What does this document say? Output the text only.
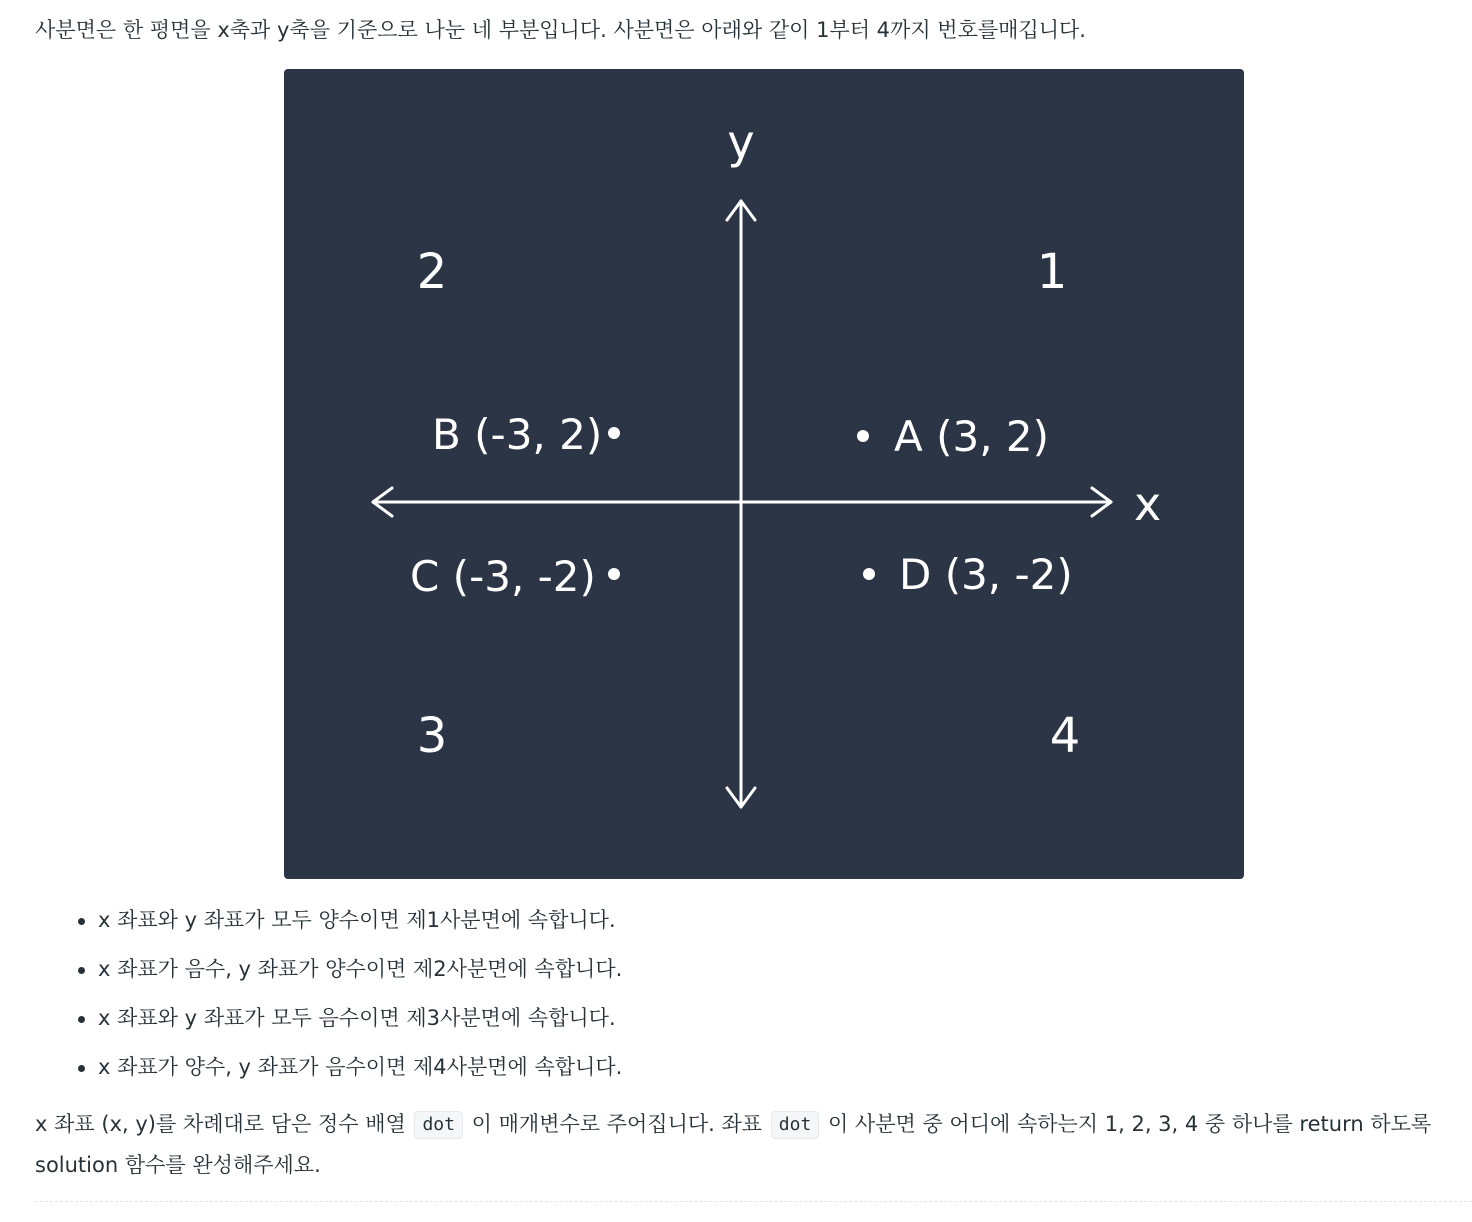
사분면은 한 평면을 x축과 y축을 기준으로 나눈 네 부분입니다. 사분면은 아래와 같이 1부터 4까지 번호를매깁니다.

y
x
2	1
3	4
B (-3, 2)	A (3, 2)
C (-3, -2)	D (3, -2)
x 좌표와 y 좌표가 모두 양수이면 제1사분면에 속합니다.
x 좌표가 음수, y 좌표가 양수이면 제2사분면에 속합니다.
x 좌표와 y 좌표가 모두 음수이면 제3사분면에 속합니다.
x 좌표가 양수, y 좌표가 음수이면 제4사분면에 속합니다.

x 좌표 (x, y)를 차례대로 담은 정수 배열 dot 이 매개변수로 주어집니다. 좌표 dot 이 사분면 중 어디에 속하는지 1, 2, 3, 4 중 하나를 return 하도록 solution 함수를 완성해주세요.
